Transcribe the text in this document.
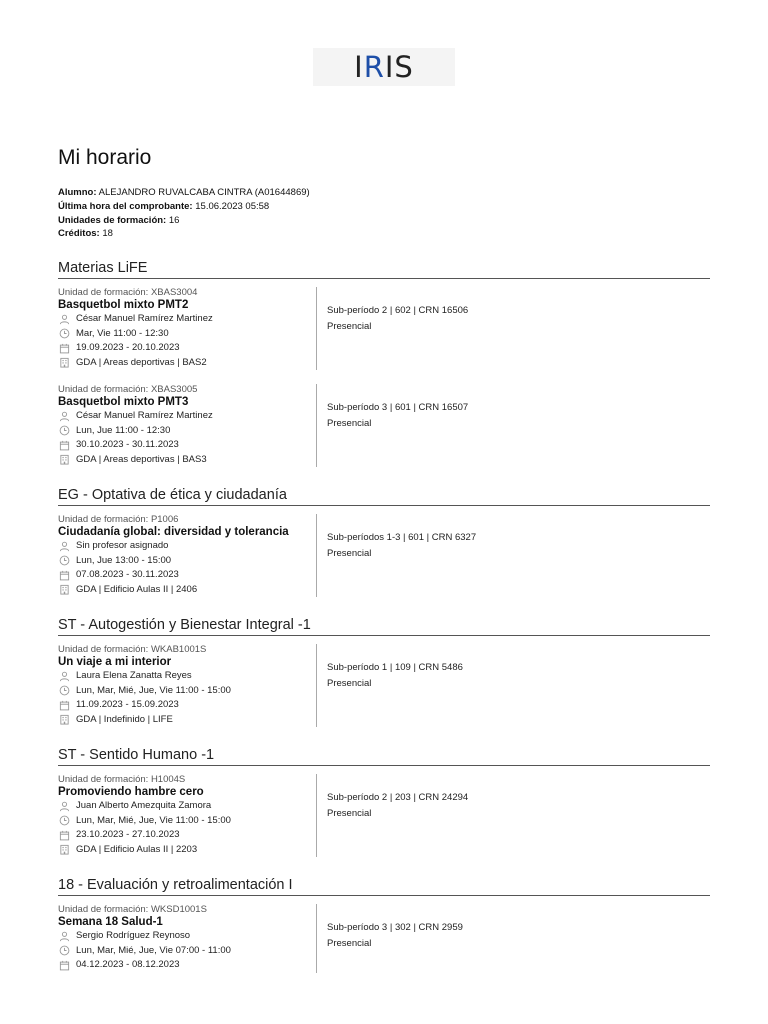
I R IS
Mi horario
Alumno: ALEJANDRO RUVALCABA CINTRA (A01644869)
Última hora del comprobante: 15.06.2023 05:58
Unidades de formación: 16
Créditos: 18
Materias LiFE
Unidad de formación: XBAS3004
Basquetbol mixto PMT2
César Manuel Ramírez Martinez
Mar, Vie 11:00 - 12:30
19.09.2023 - 20.10.2023
GDA | Areas deportivas | BAS2
Sub-período 2 | 602 | CRN 16506
Presencial
Unidad de formación: XBAS3005
Basquetbol mixto PMT3
César Manuel Ramírez Martinez
Lun, Jue 11:00 - 12:30
30.10.2023 - 30.11.2023
GDA | Areas deportivas | BAS3
Sub-período 3 | 601 | CRN 16507
Presencial
EG - Optativa de ética y ciudadanía
Unidad de formación: P1006
Ciudadanía global: diversidad y tolerancia
Sin profesor asignado
Lun, Jue 13:00 - 15:00
07.08.2023 - 30.11.2023
GDA | Edificio Aulas II | 2406
Sub-períodos 1-3 | 601 | CRN 6327
Presencial
ST - Autogestión y Bienestar Integral -1
Unidad de formación: WKAB1001S
Un viaje a mi interior
Laura Elena Zanatta Reyes
Lun, Mar, Mié, Jue, Vie 11:00 - 15:00
11.09.2023 - 15.09.2023
GDA | Indefinido | LIFE
Sub-período 1 | 109 | CRN 5486
Presencial
ST - Sentido Humano -1
Unidad de formación: H1004S
Promoviendo hambre cero
Juan Alberto Amezquita Zamora
Lun, Mar, Mié, Jue, Vie 11:00 - 15:00
23.10.2023 - 27.10.2023
GDA | Edificio Aulas II | 2203
Sub-período 2 | 203 | CRN 24294
Presencial
18 - Evaluación y retroalimentación I
Unidad de formación: WKSD1001S
Semana 18 Salud-1
Sergio Rodríguez Reynoso
Lun, Mar, Mié, Jue, Vie 07:00 - 11:00
04.12.2023 - 08.12.2023
Sub-período 3 | 302 | CRN 2959
Presencial
